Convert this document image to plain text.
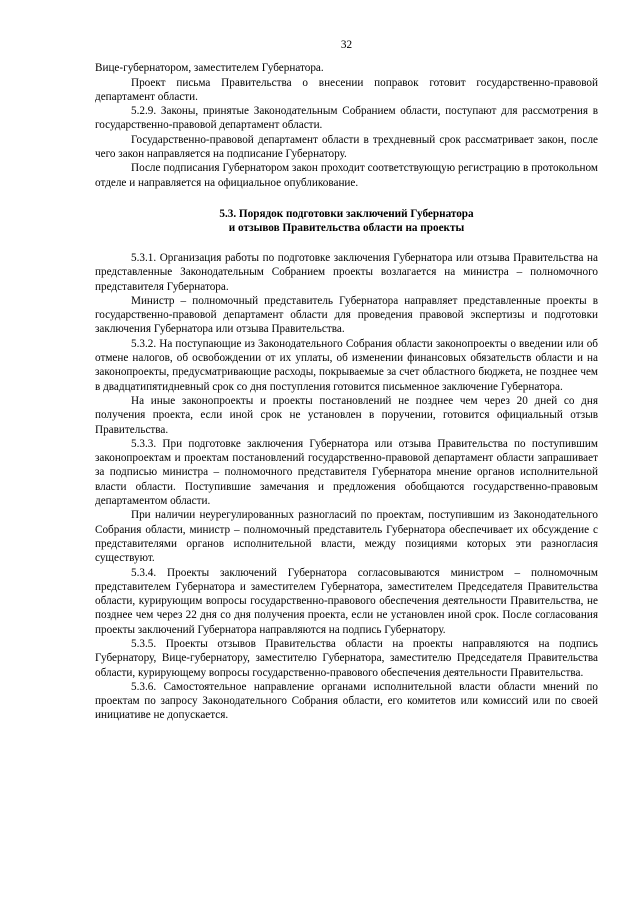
32

Вице-губернатором, заместителем Губернатора.

Проект письма Правительства о внесении поправок готовит государственно-правовой департамент области.

5.2.9. Законы, принятые Законодательным Собранием области, поступают для рассмотрения в государственно-правовой департамент области.

Государственно-правовой департамент области в трехдневный срок рассматривает закон, после чего закон направляется на подписание Губернатору.

После подписания Губернатором закон проходит соответствующую регистрацию в протокольном отделе и направляется на официальное опубликование.

5.3. Порядок подготовки заключений Губернатора
и отзывов Правительства области на проекты

5.3.1. Организация работы по подготовке заключения Губернатора или отзыва Правительства на представленные Законодательным Собранием проекты возлагается на министра – полномочного представителя Губернатора.

Министр – полномочный представитель Губернатора направляет представленные проекты в государственно-правовой департамент области для проведения правовой экспертизы и подготовки заключения Губернатора или отзыва Правительства.

5.3.2. На поступающие из Законодательного Собрания области законопроекты о введении или об отмене налогов, об освобождении от их уплаты, об изменении финансовых обязательств области и на законопроекты, предусматривающие расходы, покрываемые за счет областного бюджета, не позднее чем в двадцатипятидневный срок со дня поступления готовится письменное заключение Губернатора.

На иные законопроекты и проекты постановлений не позднее чем через 20 дней со дня получения проекта, если иной срок не установлен в поручении, готовится официальный отзыв Правительства.

5.3.3. При подготовке заключения Губернатора или отзыва Правительства по поступившим законопроектам и проектам постановлений государственно-правовой департамент области запрашивает за подписью министра – полномочного представителя Губернатора мнение органов исполнительной власти области. Поступившие замечания и предложения обобщаются государственно-правовым департаментом области.

При наличии неурегулированных разногласий по проектам, поступившим из Законодательного Собрания области, министр – полномочный представитель Губернатора обеспечивает их обсуждение с представителями органов исполнительной власти, между позициями которых эти разногласия существуют.

5.3.4. Проекты заключений Губернатора согласовываются министром – полномочным представителем Губернатора и заместителем Губернатора, заместителем Председателя Правительства области, курирующим вопросы государственно-правового обеспечения деятельности Правительства, не позднее чем через 22 дня со дня получения проекта, если не установлен иной срок. После согласования проекты заключений Губернатора направляются на подпись Губернатору.

5.3.5. Проекты отзывов Правительства области на проекты направляются на подпись Губернатору, Вице-губернатору, заместителю Губернатора, заместителю Председателя Правительства области, курирующему вопросы государственно-правового обеспечения деятельности Правительства.

5.3.6. Самостоятельное направление органами исполнительной власти области мнений по проектам по запросу Законодательного Собрания области, его комитетов или комиссий или по своей инициативе не допускается.
